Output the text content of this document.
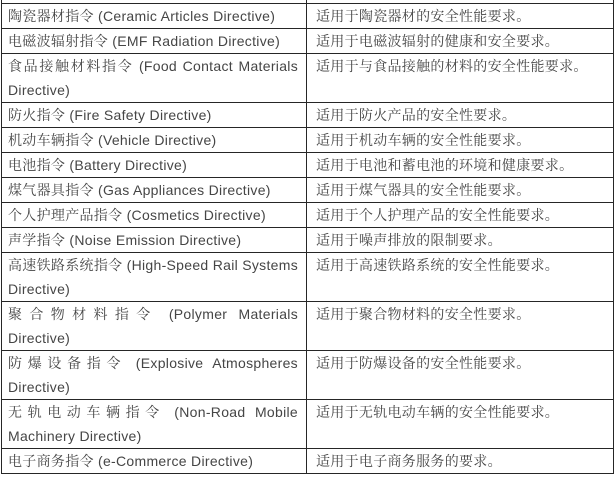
陶瓷器材指令 (Ceramic Articles Directive)	适用于陶瓷器材的安全性能要求。
电磁波辐射指令 (EMF Radiation Directive)	适用于电磁波辐射的健康和安全要求。
食品接触材料指令 (Food Contact Materials Directive)	适用于与食品接触的材料的安全性能要求。
防火指令 (Fire Safety Directive)	适用于防火产品的安全性要求。
机动车辆指令 (Vehicle Directive)	适用于机动车辆的安全性能要求。
电池指令 (Battery Directive)	适用于电池和蓄电池的环境和健康要求。
煤气器具指令 (Gas Appliances Directive)	适用于煤气器具的安全性能要求。
个人护理产品指令 (Cosmetics Directive)	适用于个人护理产品的安全性能要求。
声学指令 (Noise Emission Directive)	适用于噪声排放的限制要求。
高速铁路系统指令 (High-Speed Rail Systems Directive)	适用于高速铁路系统的安全性能要求。
聚合物材料指令 (Polymer Materials Directive)	适用于聚合物材料的安全性要求。
防爆设备指令 (Explosive Atmospheres Directive)	适用于防爆设备的安全性能要求。
无轨电动车辆指令 (Non-Road Mobile Machinery Directive)	适用于无轨电动车辆的安全性能要求。
电子商务指令 (e-Commerce Directive)	适用于电子商务服务的要求。
